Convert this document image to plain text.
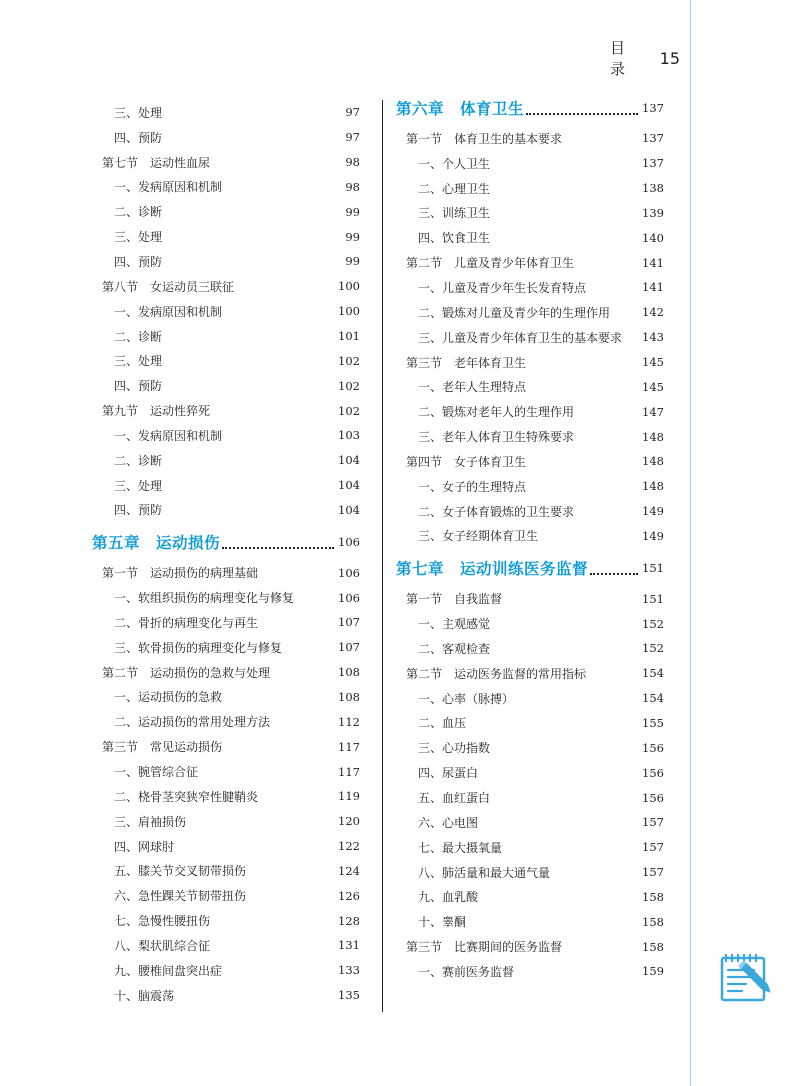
目 录
15
三、处理	97
四、预防	97
第七节　运动性血尿	98
一、发病原因和机制	98
二、诊断	99
三、处理	99
四、预防	99
第八节　女运动员三联征	100
一、发病原因和机制	100
二、诊断	101
三、处理	102
四、预防	102
第九节　运动性猝死	102
一、发病原因和机制	103
二、诊断	104
三、处理	104
四、预防	104
第五章 运动损伤	106
第一节　运动损伤的病理基础	106
一、软组织损伤的病理变化与修复	106
二、骨折的病理变化与再生	107
三、软骨损伤的病理变化与修复	107
第二节　运动损伤的急救与处理	108
一、运动损伤的急救	108
二、运动损伤的常用处理方法	112
第三节　常见运动损伤	117
一、腕管综合征	117
二、桡骨茎突狭窄性腱鞘炎	119
三、肩袖损伤	120
四、网球肘	122
五、膝关节交叉韧带损伤	124
六、急性踝关节韧带扭伤	126
七、急慢性腰扭伤	128
八、梨状肌综合征	131
九、腰椎间盘突出症	133
十、脑震荡	135
第六章 体育卫生	137
第一节　体育卫生的基本要求	137
一、个人卫生	137
二、心理卫生	138
三、训练卫生	139
四、饮食卫生	140
第二节　儿童及青少年体育卫生	141
一、儿童及青少年生长发育特点	141
二、锻炼对儿童及青少年的生理作用	142
三、儿童及青少年体育卫生的基本要求 143
第三节　老年体育卫生	145
一、老年人生理特点	145
二、锻炼对老年人的生理作用	147
三、老年人体育卫生特殊要求	148
第四节　女子体育卫生	148
一、女子的生理特点	148
二、女子体育锻炼的卫生要求	149
三、女子经期体育卫生	149
第七章 运动训练医务监督	151
第一节　自我监督	151
一、主观感觉	152
二、客观检查	152
第二节　运动医务监督的常用指标	154
一、心率（脉搏）	154
二、血压	155
三、心功指数	156
四、尿蛋白	156
五、血红蛋白	156
六、心电图	157
七、最大摄氧量	157
八、肺活量和最大通气量	157
九、血乳酸	158
十、睾酮	158
第三节　比赛期间的医务监督	158
一、赛前医务监督	159
